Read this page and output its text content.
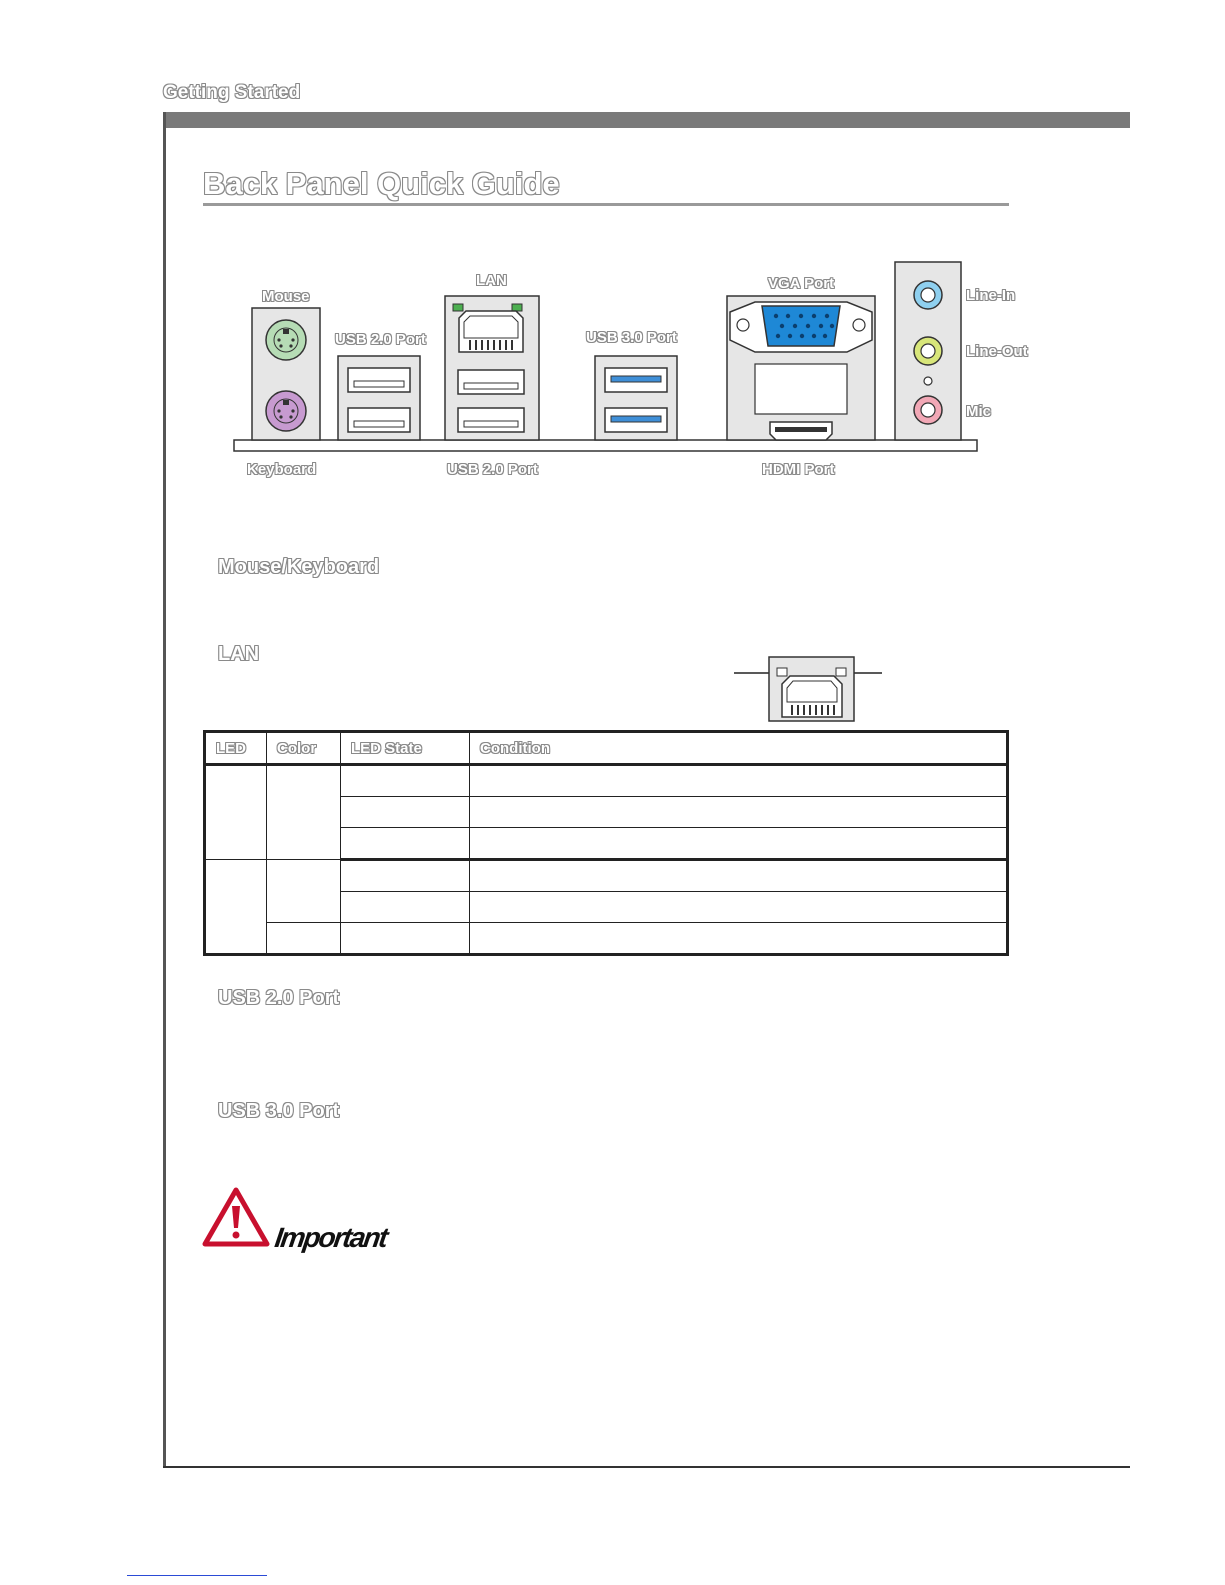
Getting Started
Back Panel Quick Guide
Mouse
Keyboard
USB 2.0 Port
LAN
USB 2.0 Port
USB 3.0 Port
VGA Port
HDMI Port
Line-In
Line-Out
Mic
Mouse/Keyboard
LAN
LED	Color	LED State	Condition

USB 2.0 Port
USB 3.0 Port
Important
